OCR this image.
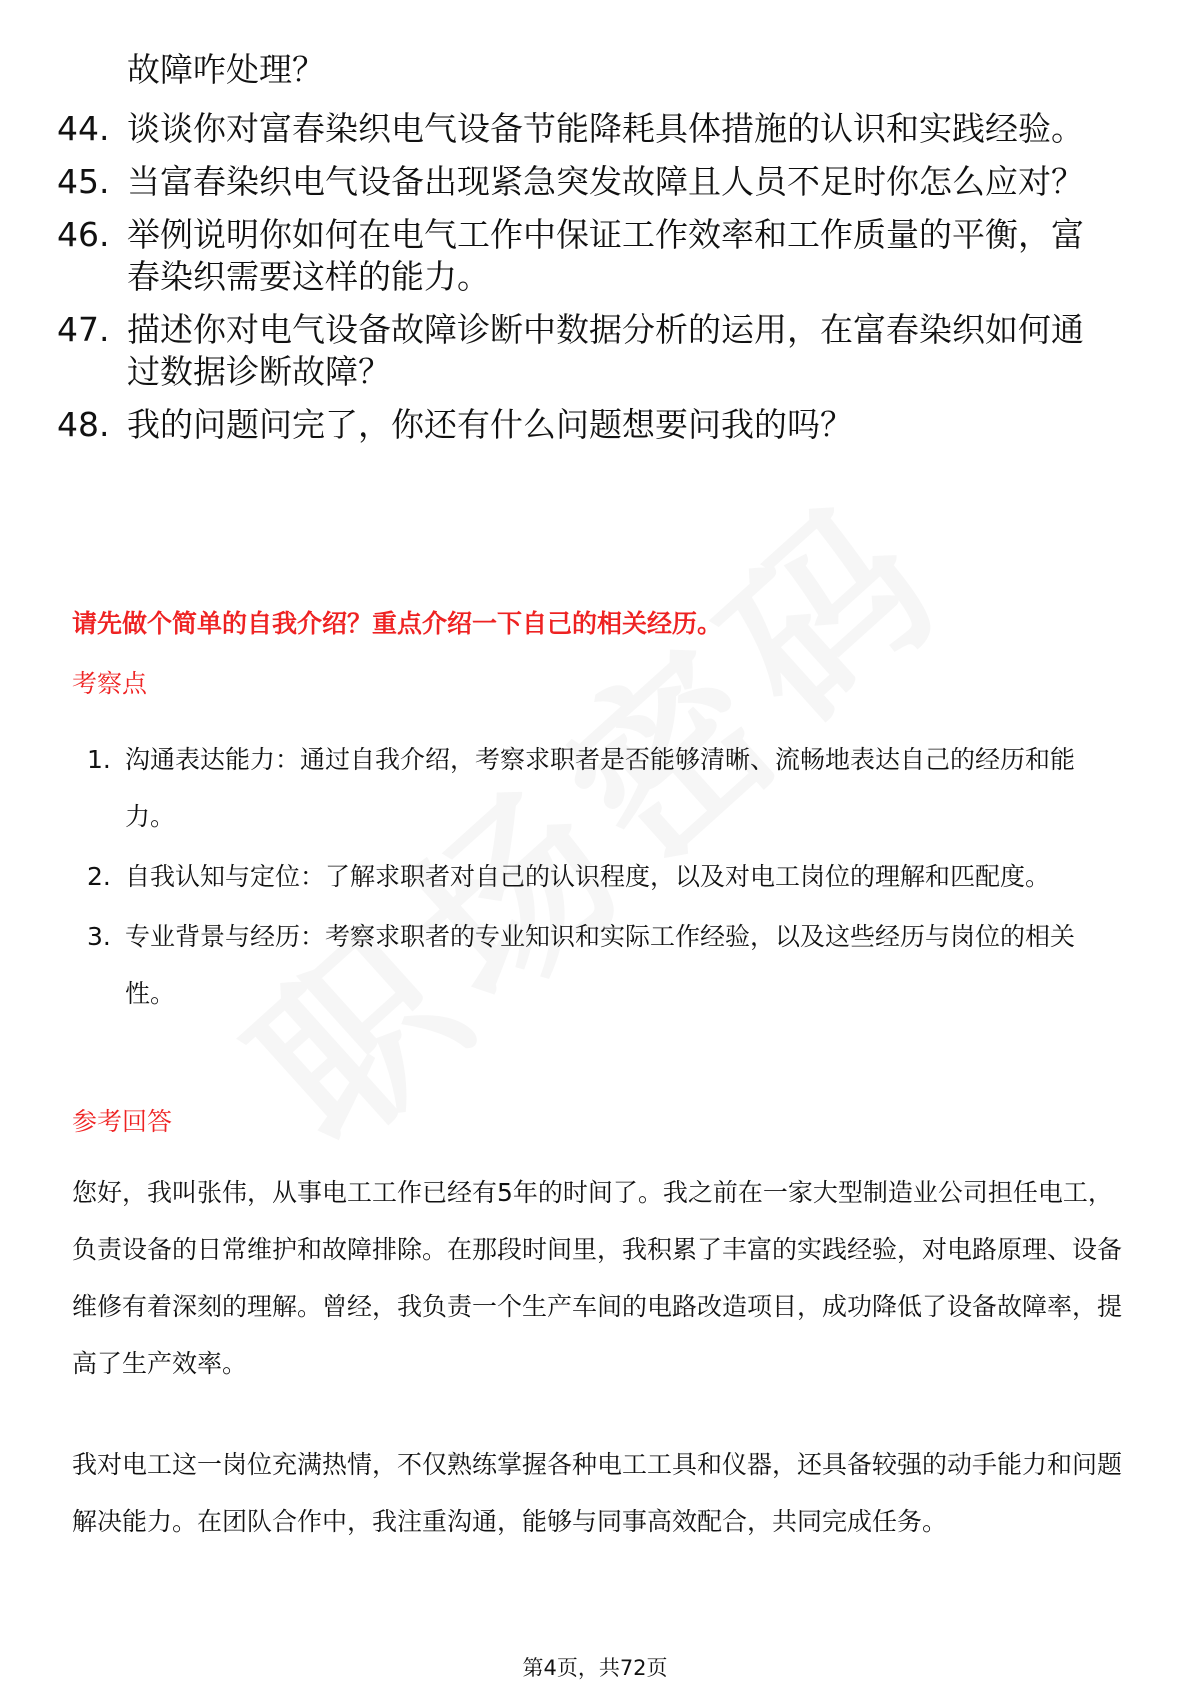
故障咋处理？
44. 谈谈你对富春染织电气设备节能降耗具体措施的认识和实践经验。
45. 当富春染织电气设备出现紧急突发故障且人员不足时你怎么应对？
46. 举例说明你如何在电气工作中保证工作效率和工作质量的平衡，富春染织需要这样的能力。
47. 描述你对电气设备故障诊断中数据分析的运用，在富春染织如何通过数据诊断故障？
48. 我的问题问完了，你还有什么问题想要问我的吗？
请先做个简单的自我介绍？重点介绍一下自己的相关经历。
考察点
1. 沟通表达能力：通过自我介绍，考察求职者是否能够清晰、流畅地表达自己的经历和能力。
2. 自我认知与定位：了解求职者对自己的认识程度，以及对电工岗位的理解和匹配度。
3. 专业背景与经历：考察求职者的专业知识和实际工作经验，以及这些经历与岗位的相关性。
参考回答

您好，我叫张伟，从事电工工作已经有5年的时间了。我之前在一家大型制造业公司担任电工，负责设备的日常维护和故障排除。在那段时间里，我积累了丰富的实践经验，对电路原理、设备维修有着深刻的理解。曾经，我负责一个生产车间的电路改造项目，成功降低了设备故障率，提高了生产效率。

我对电工这一岗位充满热情，不仅熟练掌握各种电工工具和仪器，还具备较强的动手能力和问题解决能力。在团队合作中，我注重沟通，能够与同事高效配合，共同完成任务。

第4页，共72页
